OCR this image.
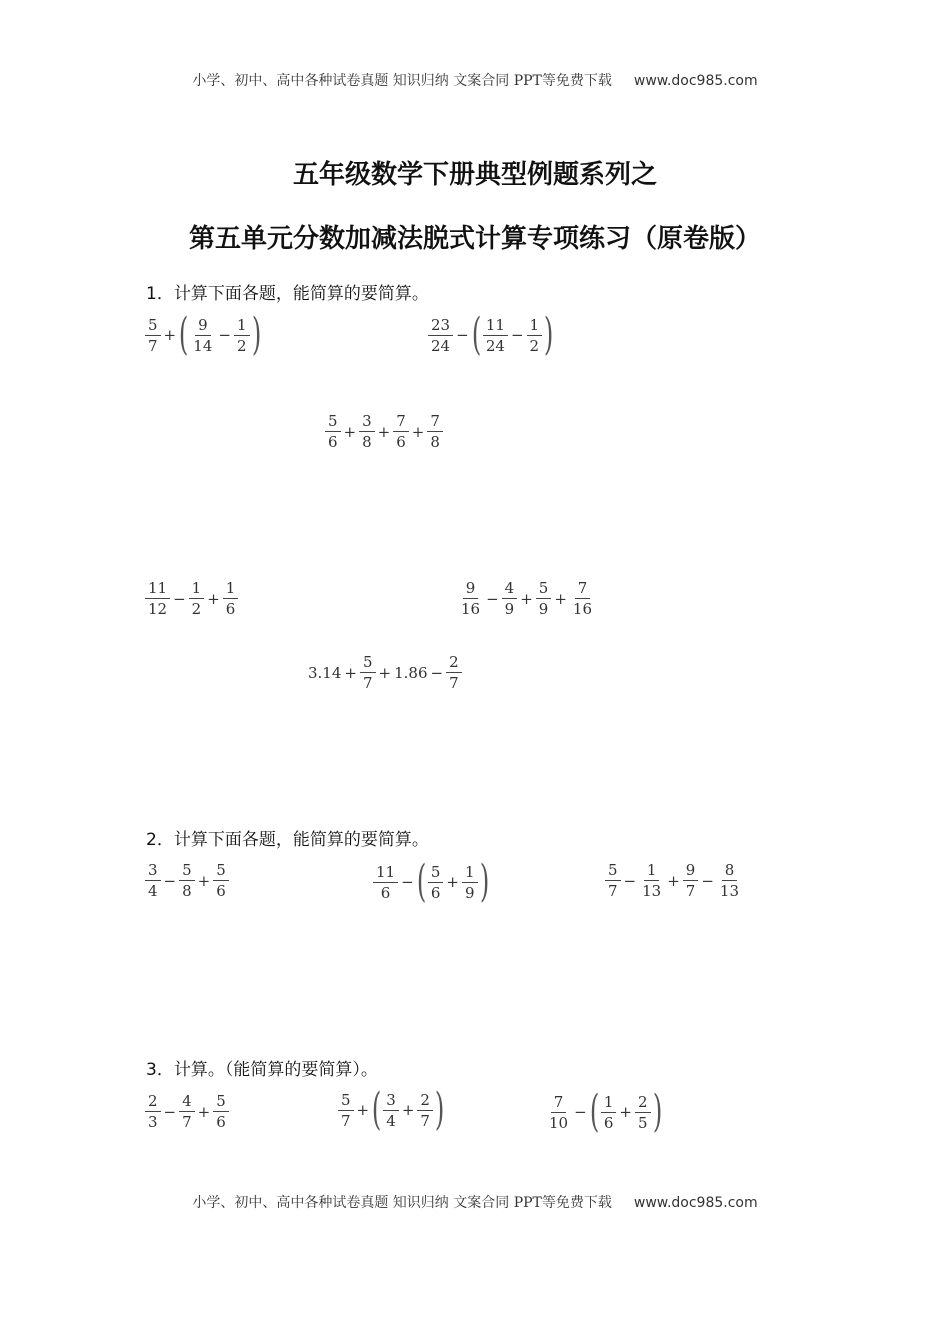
小学、初中、高中各种试卷真题 知识归纳 文案合同 PPT等免费下载 www.doc985.com
五年级数学下册典型例题系列之
第五单元分数加减法脱式计算专项练习（原卷版）
1．计算下面各题，能简算的要简算。
$\frac{5}{7}$ + ( $\frac{9}{14} - \frac{1}{2}$ )	$\frac{23}{24}$ − ( $\frac{11}{24} - \frac{1}{2}$ )
$\frac{5}{6} + \frac{3}{8} + \frac{7}{6} + \frac{7}{8}$
$\frac{11}{12} - \frac{1}{2} + \frac{1}{6}$	$\frac{9}{16} - \frac{4}{9} + \frac{5}{9} + \frac{7}{16}$
$3.14 + \frac{5}{7} + 1.86 - \frac{2}{7}$
2．计算下面各题，能简算的要简算。
$\frac{3}{4} - \frac{5}{8} + \frac{5}{6}$	$\frac{11}{6}$ − ( $\frac{5}{6} + \frac{1}{9}$ )	$\frac{5}{7} - \frac{1}{13} + \frac{9}{7} - \frac{8}{13}$
3．计算。（能简算的要简算）。
$\frac{2}{3} - \frac{4}{7} + \frac{5}{6}$	$\frac{5}{7}$ + ( $\frac{3}{4} + \frac{2}{7}$ )	$\frac{7}{10}$ − ( $\frac{1}{6} + \frac{2}{5}$ )
小学、初中、高中各种试卷真题 知识归纳 文案合同 PPT等免费下载 www.doc985.com
